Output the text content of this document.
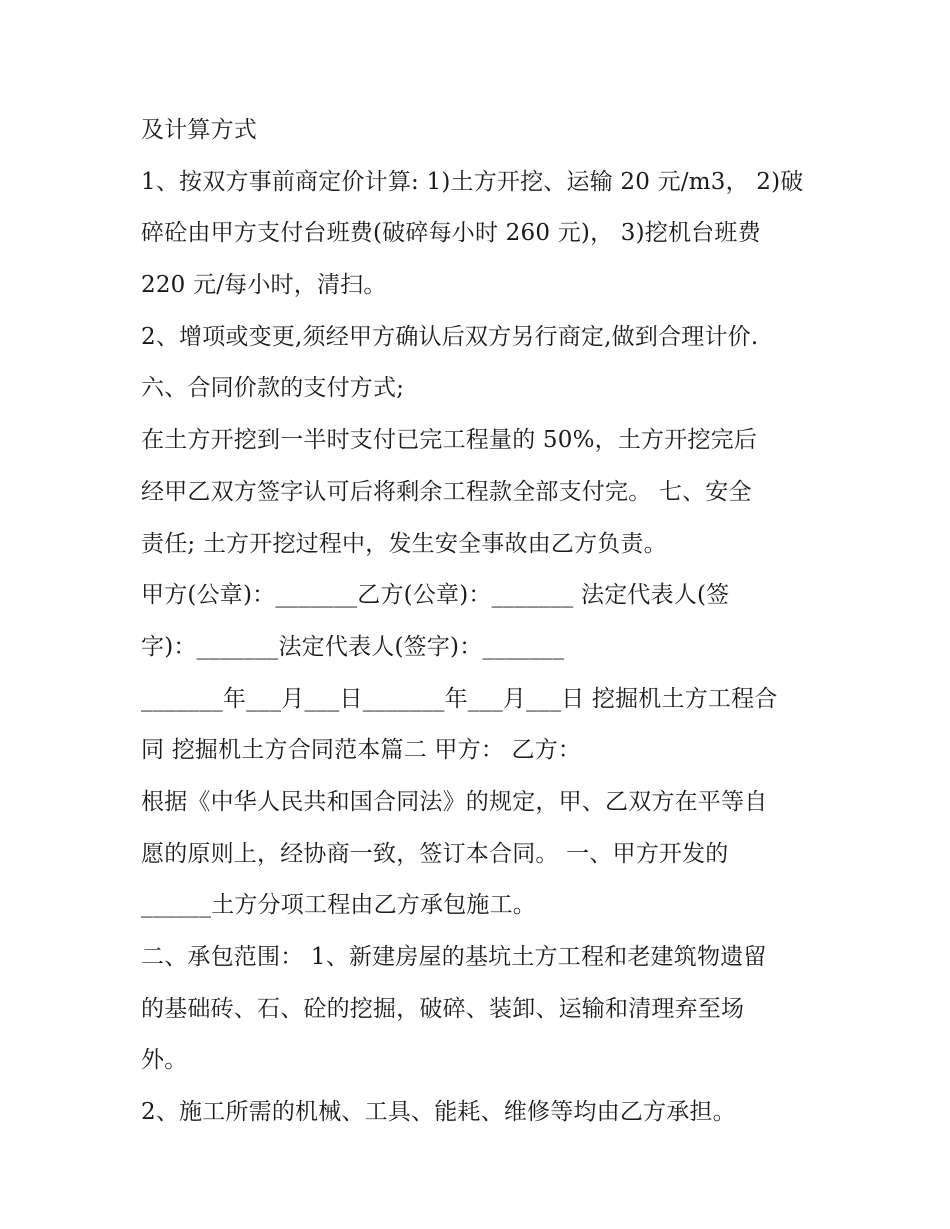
及计算方式
1、按双方事前商定价计算: 1)土方开挖、运输 20 元/m3， 2)破
碎砼由甲方支付台班费(破碎每小时 260 元)， 3)挖机台班费
220 元/每小时，清扫。
2、增项或变更,须经甲方确认后双方另行商定,做到合理计价.
六、合同价款的支付方式;
在土方开挖到一半时支付已完工程量的 50%，土方开挖完后
经甲乙双方签字认可后将剩余工程款全部支付完。 七、安全
责任; 土方开挖过程中，发生安全事故由乙方负责。
甲方(公章)：_______乙方(公章)：_______ 法定代表人(签
字)：_______法定代表人(签字)：_______
_______年___月___日_______年___月___日 挖掘机土方工程合
同 挖掘机土方合同范本篇二 甲方： 乙方：
根据《中华人民共和国合同法》的规定，甲、乙双方在平等自
愿的原则上，经协商一致，签订本合同。 一、甲方开发的
______土方分项工程由乙方承包施工。
二、承包范围： 1、新建房屋的基坑土方工程和老建筑物遗留
的基础砖、石、砼的挖掘，破碎、装卸、运输和清理弃至场
外。
2、施工所需的机械、工具、能耗、维修等均由乙方承担。
